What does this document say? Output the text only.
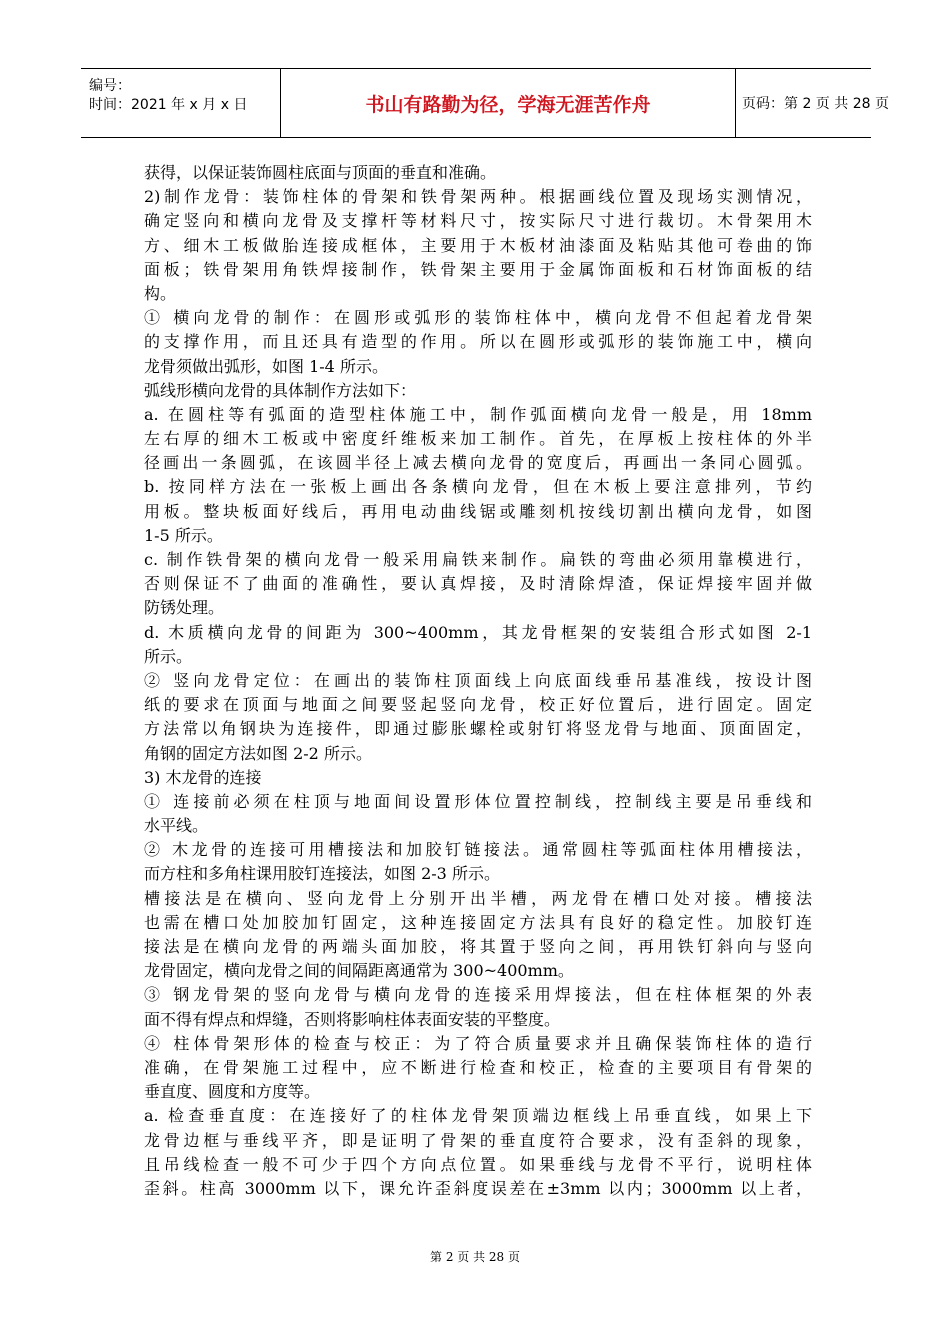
编号：
时间：2021 年 x 月 x 日	书山有路勤为径，学海无涯苦作舟	页码：第 2 页 共 28 页
获得，以保证装饰圆柱底面与顶面的垂直和准确。
2)制作龙骨：装饰柱体的骨架和铁骨架两种。根据画线位置及现场实测情况，
确定竖向和横向龙骨及支撑杆等材料尺寸，按实际尺寸进行裁切。木骨架用木
方、细木工板做胎连接成框体，主要用于木板材油漆面及粘贴其他可卷曲的饰
面板；铁骨架用角铁焊接制作，铁骨架主要用于金属饰面板和石材饰面板的结
构。
① 横向龙骨的制作：在圆形或弧形的装饰柱体中，横向龙骨不但起着龙骨架
的支撑作用，而且还具有造型的作用。所以在圆形或弧形的装饰施工中，横向
龙骨须做出弧形，如图 1-4 所示。
弧线形横向龙骨的具体制作方法如下：
a. 在圆柱等有弧面的造型柱体施工中，制作弧面横向龙骨一般是，用 18mm
左右厚的细木工板或中密度纤维板来加工制作。首先，在厚板上按柱体的外半
径画出一条圆弧，在该圆半径上减去横向龙骨的宽度后，再画出一条同心圆弧。
b. 按同样方法在一张板上画出各条横向龙骨，但在木板上要注意排列，节约
用板。整块板面好线后，再用电动曲线锯或雕刻机按线切割出横向龙骨，如图
1-5 所示。
c. 制作铁骨架的横向龙骨一般采用扁铁来制作。扁铁的弯曲必须用靠模进行，
否则保证不了曲面的准确性，要认真焊接，及时清除焊渣，保证焊接牢固并做
防锈处理。
d. 木质横向龙骨的间距为 300~400mm，其龙骨框架的安装组合形式如图 2-1
所示。
② 竖向龙骨定位：在画出的装饰柱顶面线上向底面线垂吊基准线，按设计图
纸的要求在顶面与地面之间要竖起竖向龙骨，校正好位置后，进行固定。固定
方法常以角钢块为连接件，即通过膨胀螺栓或射钉将竖龙骨与地面、顶面固定，
角钢的固定方法如图 2-2 所示。
3) 木龙骨的连接
① 连接前必须在柱顶与地面间设置形体位置控制线，控制线主要是吊垂线和
水平线。
② 木龙骨的连接可用槽接法和加胶钉链接法。通常圆柱等弧面柱体用槽接法，
而方柱和多角柱课用胶钉连接法，如图 2-3 所示。
槽接法是在横向、竖向龙骨上分别开出半槽，两龙骨在槽口处对接。槽接法
也需在槽口处加胶加钉固定，这种连接固定方法具有良好的稳定性。加胶钉连
接法是在横向龙骨的两端头面加胶，将其置于竖向之间，再用铁钉斜向与竖向
龙骨固定，横向龙骨之间的间隔距离通常为 300~400mm。
③ 钢龙骨架的竖向龙骨与横向龙骨的连接采用焊接法，但在柱体框架的外表
面不得有焊点和焊缝，否则将影响柱体表面安装的平整度。
④ 柱体骨架形体的检查与校正：为了符合质量要求并且确保装饰柱体的造行
准确，在骨架施工过程中，应不断进行检查和校正，检查的主要项目有骨架的
垂直度、圆度和方度等。
a. 检查垂直度：在连接好了的柱体龙骨架顶端边框线上吊垂直线，如果上下
龙骨边框与垂线平齐，即是证明了骨架的垂直度符合要求，没有歪斜的现象，
且吊线检查一般不可少于四个方向点位置。如果垂线与龙骨不平行，说明柱体
歪斜。柱高 3000mm 以下，课允许歪斜度误差在±3mm 以内；3000mm 以上者，
第 2 页 共 28 页
